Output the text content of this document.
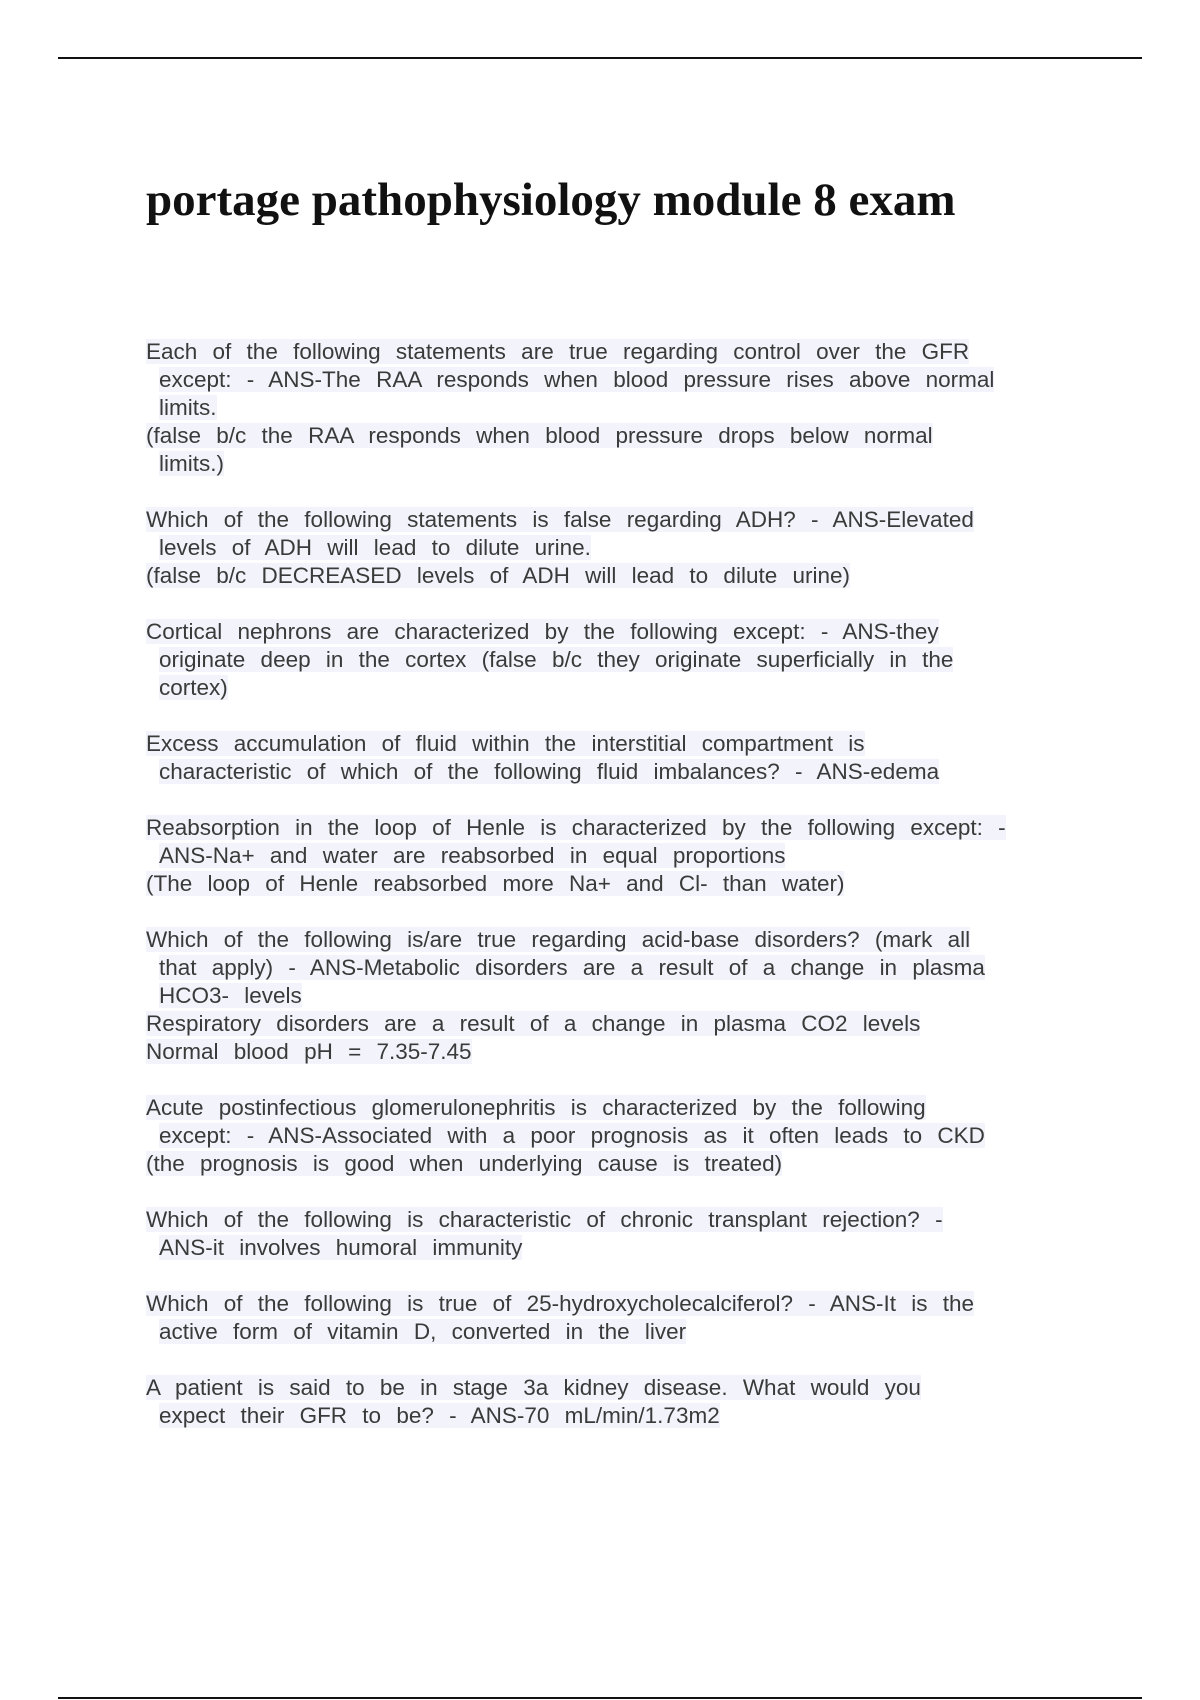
portage pathophysiology module 8 exam
Each of the following statements are true regarding control over the GFR
except: - ANS-The RAA responds when blood pressure rises above normal
limits.
(false b/c the RAA responds when blood pressure drops below normal
limits.)
Which of the following statements is false regarding ADH? - ANS-Elevated
levels of ADH will lead to dilute urine.
(false b/c DECREASED levels of ADH will lead to dilute urine)
Cortical nephrons are characterized by the following except: - ANS-they
originate deep in the cortex (false b/c they originate superficially in the
cortex)
Excess accumulation of fluid within the interstitial compartment is
characteristic of which of the following fluid imbalances? - ANS-edema
Reabsorption in the loop of Henle is characterized by the following except: -
ANS-Na+ and water are reabsorbed in equal proportions
(The loop of Henle reabsorbed more Na+ and Cl- than water)
Which of the following is/are true regarding acid-base disorders? (mark all
that apply) - ANS-Metabolic disorders are a result of a change in plasma
HCO3- levels
Respiratory disorders are a result of a change in plasma CO2 levels
Normal blood pH = 7.35-7.45
Acute postinfectious glomerulonephritis is characterized by the following
except: - ANS-Associated with a poor prognosis as it often leads to CKD
(the prognosis is good when underlying cause is treated)
Which of the following is characteristic of chronic transplant rejection? -
ANS-it involves humoral immunity
Which of the following is true of 25-hydroxycholecalciferol? - ANS-It is the
active form of vitamin D, converted in the liver
A patient is said to be in stage 3a kidney disease. What would you
expect their GFR to be? - ANS-70 mL/min/1.73m2
